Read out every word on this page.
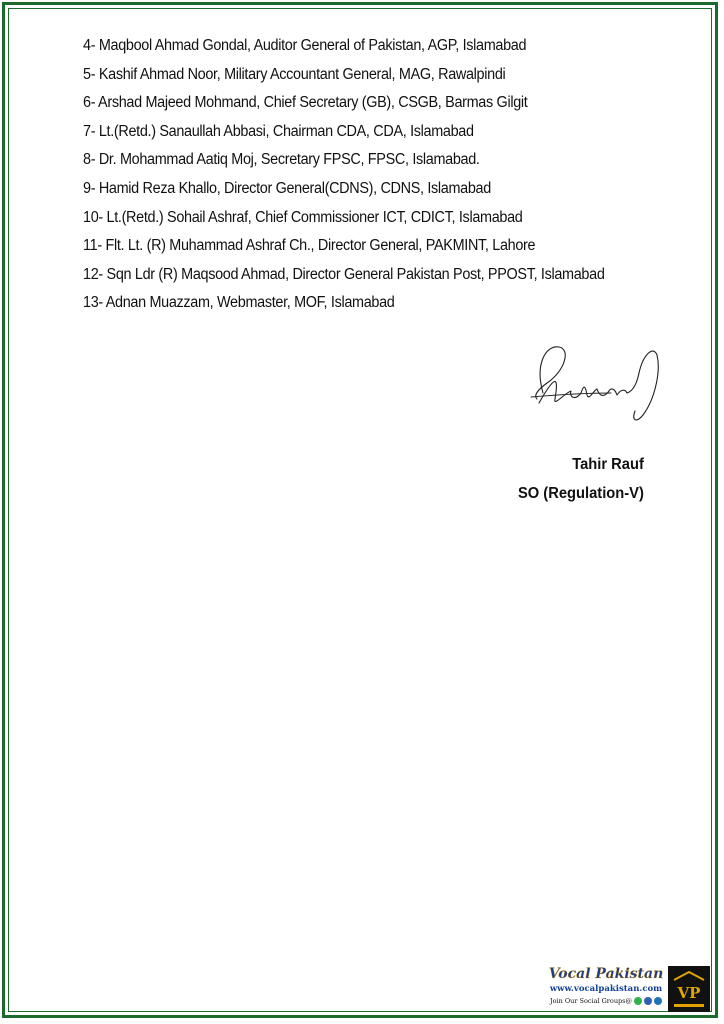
4- Maqbool Ahmad Gondal, Auditor General of Pakistan, AGP, Islamabad
5- Kashif Ahmad Noor, Military Accountant General, MAG, Rawalpindi
6- Arshad Majeed Mohmand, Chief Secretary (GB), CSGB, Barmas Gilgit
7- Lt.(Retd.) Sanaullah Abbasi, Chairman CDA, CDA, Islamabad
8- Dr. Mohammad Aatiq Moj, Secretary FPSC, FPSC, Islamabad.
9- Hamid Reza Khallo, Director General(CDNS), CDNS, Islamabad
10- Lt.(Retd.) Sohail Ashraf, Chief Commissioner ICT, CDICT, Islamabad
11- Flt. Lt. (R) Muhammad Ashraf Ch., Director General, PAKMINT, Lahore
12- Sqn Ldr (R) Maqsood Ahmad, Director General Pakistan Post, PPOST, Islamabad
13- Adnan Muazzam, Webmaster, MOF, Islamabad
Tahir Rauf
SO (Regulation-V)
Vocal Pakistan
www.vocalpakistan.com
Join Our Social Groups@	VP
